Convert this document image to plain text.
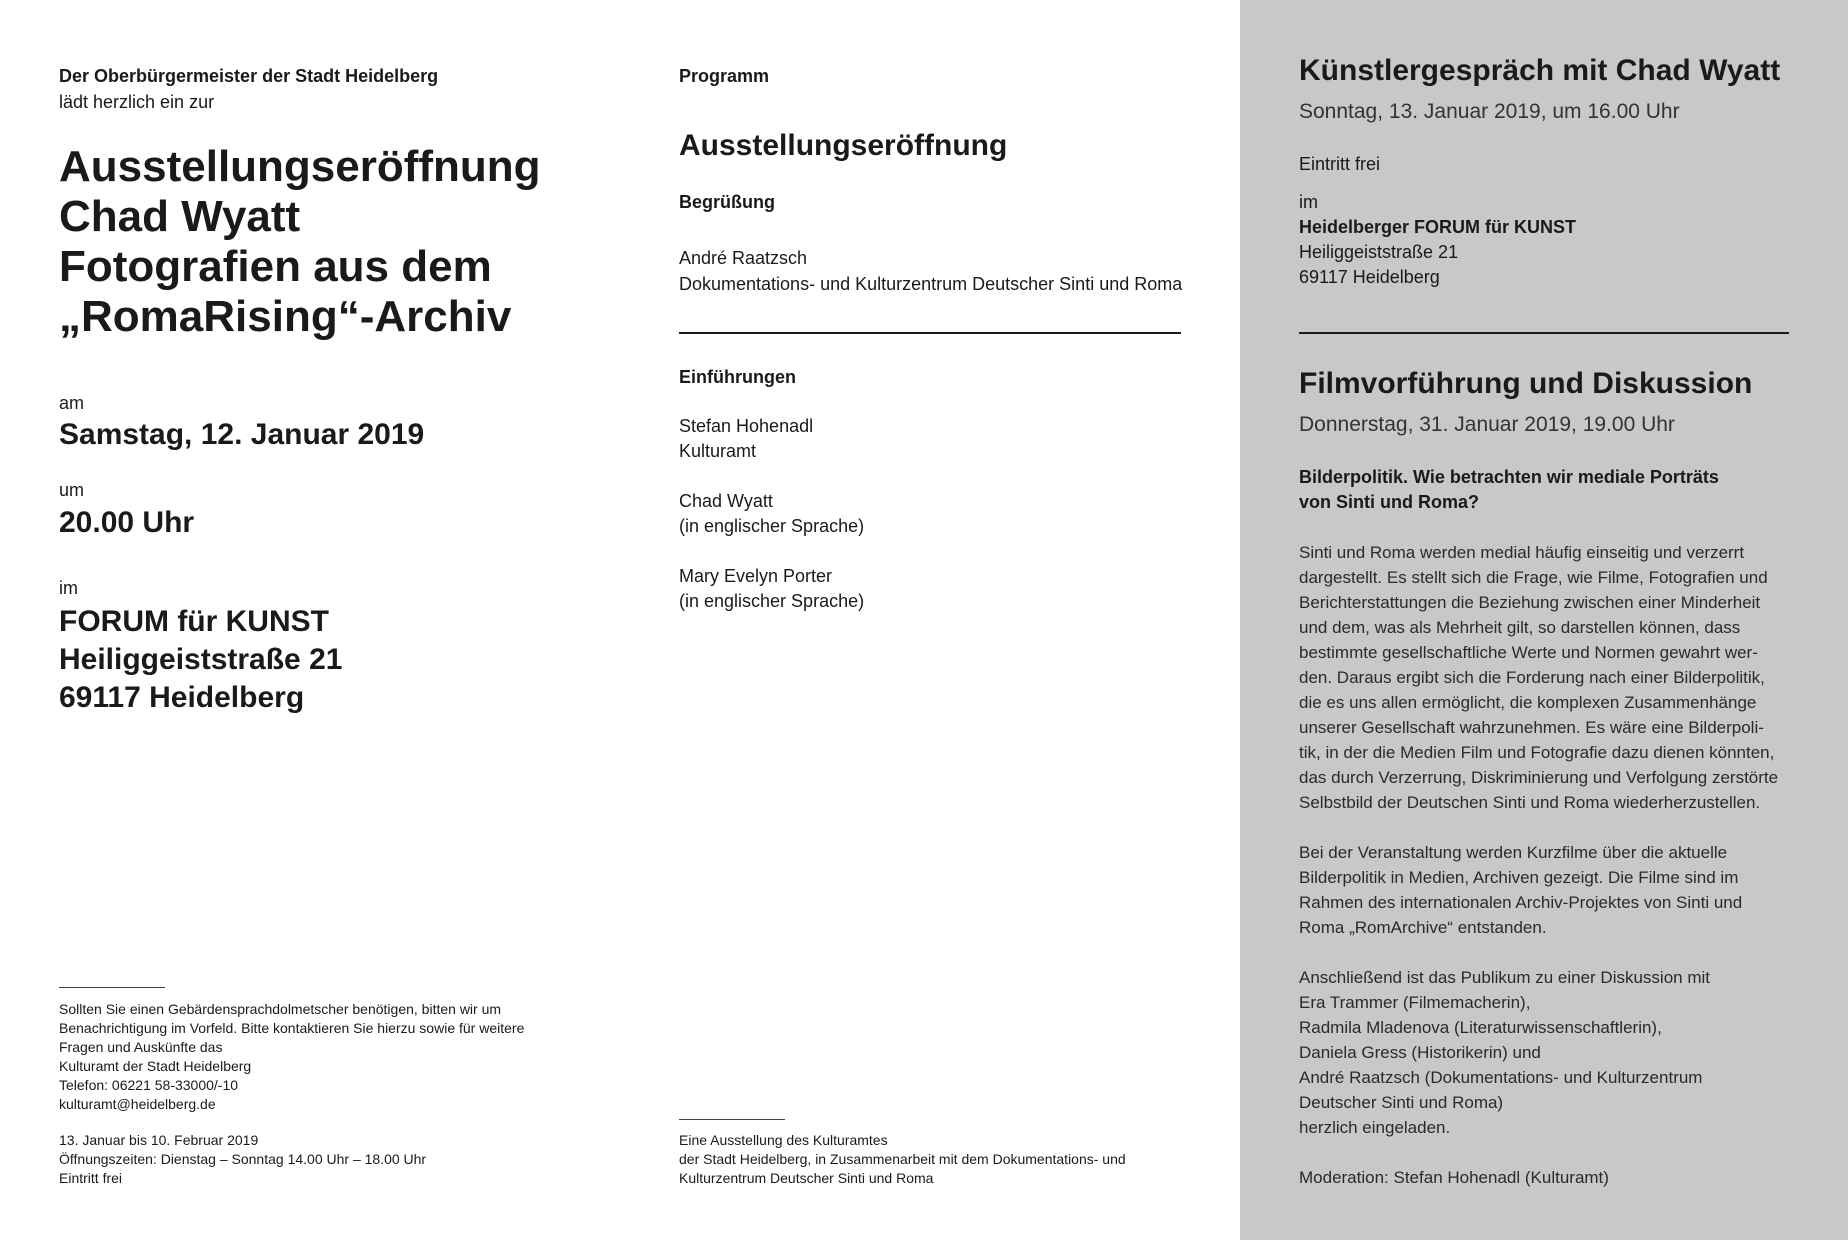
Der Oberbürgermeister der Stadt Heidelberg

lädt herzlich ein zur

Ausstellungseröffnung
Chad Wyatt
Fotografien aus dem
„RomaRising“-Archiv

am

Samstag, 12. Januar 2019

um

20.00 Uhr

im

FORUM für KUNST
Heiliggeiststraße 21
69117 Heidelberg

Sollten Sie einen Gebärdensprachdolmetscher benötigen, bitten wir um
Benachrichtigung im Vorfeld. Bitte kontaktieren Sie hierzu sowie für weitere
Fragen und Auskünfte das
Kulturamt der Stadt Heidelberg
Telefon: 06221 58-33000/-10
kulturamt@heidelberg.de

13. Januar bis 10. Februar 2019
Öffnungszeiten: Dienstag – Sonntag 14.00 Uhr – 18.00 Uhr
Eintritt frei

Programm

Ausstellungseröffnung

Begrüßung

André Raatzsch

Dokumentations- und Kulturzentrum Deutscher Sinti und Roma

Einführungen

Stefan Hohenadl
Kulturamt
Chad Wyatt
(in englischer Sprache)
Mary Evelyn Porter
(in englischer Sprache)

Eine Ausstellung des Kulturamtes
der Stadt Heidelberg, in Zusammenarbeit mit dem Dokumentations- und
Kulturzentrum Deutscher Sinti und Roma

Künstlergespräch mit Chad Wyatt

Sonntag, 13. Januar 2019, um 16.00 Uhr

Eintritt frei

im

Heidelberger FORUM für KUNST

Heiliggeiststraße 21
69117 Heidelberg

Filmvorführung und Diskussion

Donnerstag, 31. Januar 2019, 19.00 Uhr

Bilderpolitik. Wie betrachten wir mediale Porträts
von Sinti und Roma?

Sinti und Roma werden medial häufig einseitig und verzerrt
dargestellt. Es stellt sich die Frage, wie Filme, Fotografien und
Berichterstattungen die Beziehung zwischen einer Minderheit
und dem, was als Mehrheit gilt, so darstellen können, dass
bestimmte gesellschaftliche Werte und Normen gewahrt wer-
den. Daraus ergibt sich die Forderung nach einer Bilderpolitik,
die es uns allen ermöglicht, die komplexen Zusammenhänge
unserer Gesellschaft wahrzunehmen. Es wäre eine Bilderpoli-
tik, in der die Medien Film und Fotografie dazu dienen könnten,
das durch Verzerrung, Diskriminierung und Verfolgung zerstörte
Selbstbild der Deutschen Sinti und Roma wiederherzustellen.

Bei der Veranstaltung werden Kurzfilme über die aktuelle
Bilderpolitik in Medien, Archiven gezeigt. Die Filme sind im
Rahmen des internationalen Archiv-Projektes von Sinti und
Roma „RomArchive“ entstanden.

Anschließend ist das Publikum zu einer Diskussion mit
Era Trammer (Filmemacherin),
Radmila Mladenova (Literaturwissenschaftlerin),
Daniela Gress (Historikerin) und
André Raatzsch (Dokumentations- und Kulturzentrum
Deutscher Sinti und Roma)
herzlich eingeladen.

Moderation: Stefan Hohenadl (Kulturamt)
